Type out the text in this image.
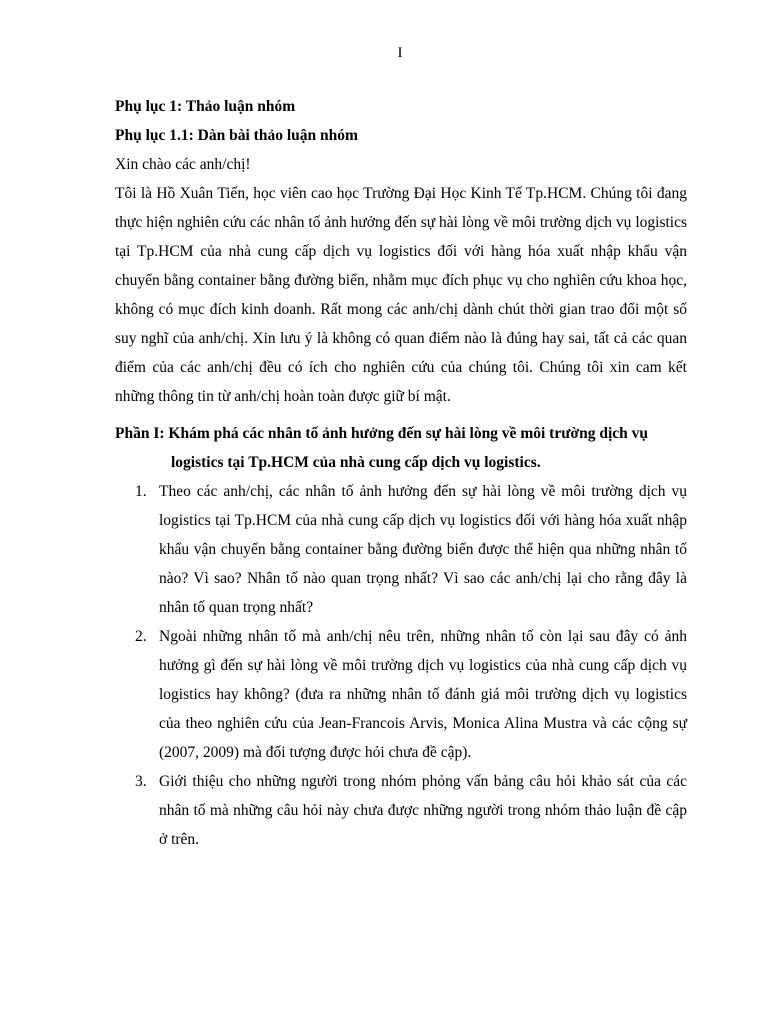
I

Phụ lục 1: Thảo luận nhóm

Phụ lục 1.1: Dàn bài thảo luận nhóm

Xin chào các anh/chị!

Tôi là Hồ Xuân Tiến, học viên cao học Trường Đại Học Kinh Tế Tp.HCM. Chúng tôi đang thực hiện nghiên cứu các nhân tố ảnh hưởng đến sự hài lòng về môi trường dịch vụ logistics tại Tp.HCM của nhà cung cấp dịch vụ logistics đối với hàng hóa xuất nhập khẩu vận chuyển bằng container bằng đường biển, nhằm mục đích phục vụ cho nghiên cứu khoa học, không có mục đích kinh doanh. Rất mong các anh/chị dành chút thời gian trao đổi một số suy nghĩ của anh/chị. Xin lưu ý là không có quan điểm nào là đúng hay sai, tất cả các quan điểm của các anh/chị đều có ích cho nghiên cứu của chúng tôi. Chúng tôi xin cam kết những thông tin từ anh/chị hoàn toàn được giữ bí mật.

Phần I: Khám phá các nhân tố ảnh hưởng đến sự hài lòng về môi trường dịch vụ
logistics tại Tp.HCM của nhà cung cấp dịch vụ logistics.

1. Theo các anh/chị, các nhân tố ảnh hưởng đến sự hài lòng về môi trường dịch vụ logistics tại Tp.HCM của nhà cung cấp dịch vụ logistics đối với hàng hóa xuất nhập khẩu vận chuyển bằng container bằng đường biển được thể hiện qua những nhân tố nào? Vì sao? Nhân tố nào quan trọng nhất? Vì sao các anh/chị lại cho rằng đây là nhân tố quan trọng nhất?
2. Ngoài những nhân tố mà anh/chị nêu trên, những nhân tố còn lại sau đây có ảnh hưởng gì đến sự hài lòng về môi trường dịch vụ logistics của nhà cung cấp dịch vụ logistics hay không? (đưa ra những nhân tố đánh giá môi trường dịch vụ logistics của theo nghiên cứu của Jean-Francois Arvis, Monica Alina Mustra và các cộng sự (2007, 2009) mà đối tượng được hỏi chưa đề cập).
3. Giới thiệu cho những người trong nhóm phỏng vấn bảng câu hỏi khảo sát của các nhân tố mà những câu hỏi này chưa được những người trong nhóm thảo luận đề cập ở trên.
